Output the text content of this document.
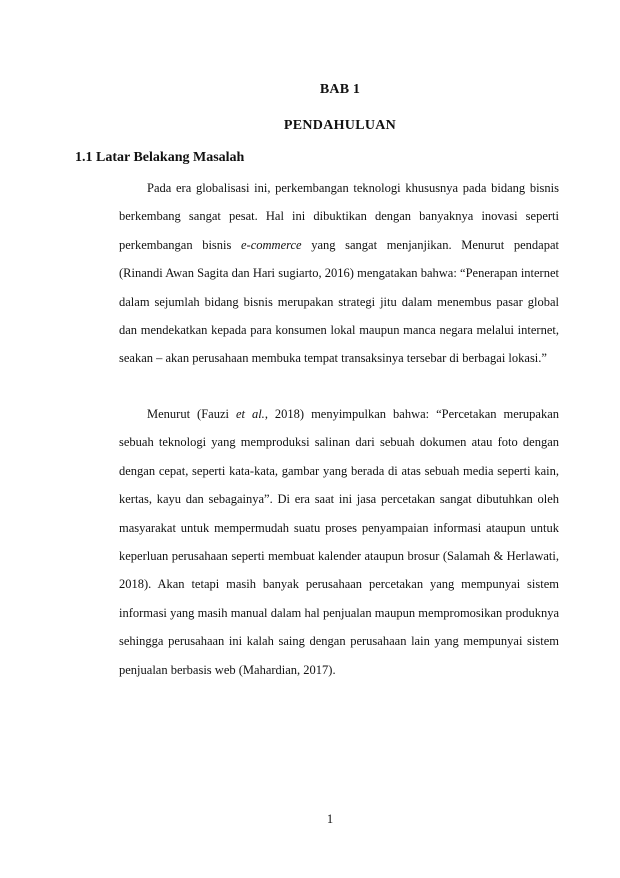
BAB 1
PENDAHULUAN
1.1 Latar Belakang Masalah

Pada era globalisasi ini, perkembangan teknologi khususnya pada bidang bisnis berkembang sangat pesat. Hal ini dibuktikan dengan banyaknya inovasi seperti perkembangan bisnis e-commerce yang sangat menjanjikan. Menurut pendapat (Rinandi Awan Sagita dan Hari sugiarto, 2016) mengatakan bahwa: “Penerapan internet dalam sejumlah bidang bisnis merupakan strategi jitu dalam menembus pasar global dan mendekatkan kepada para konsumen lokal maupun manca negara melalui internet, seakan – akan perusahaan membuka tempat transaksinya tersebar di berbagai lokasi.”

Menurut (Fauzi et al., 2018) menyimpulkan bahwa: “Percetakan merupakan sebuah teknologi yang memproduksi salinan dari sebuah dokumen atau foto dengan dengan cepat, seperti kata-kata, gambar yang berada di atas sebuah media seperti kain, kertas, kayu dan sebagainya”. Di era saat ini jasa percetakan sangat dibutuhkan oleh masyarakat untuk mempermudah suatu proses penyampaian informasi ataupun untuk keperluan perusahaan seperti membuat kalender ataupun brosur (Salamah & Herlawati, 2018). Akan tetapi masih banyak perusahaan percetakan yang mempunyai sistem informasi yang masih manual dalam hal penjualan maupun mempromosikan produknya sehingga perusahaan ini kalah saing dengan perusahaan lain yang mempunyai sistem penjualan berbasis web (Mahardian, 2017).

1
